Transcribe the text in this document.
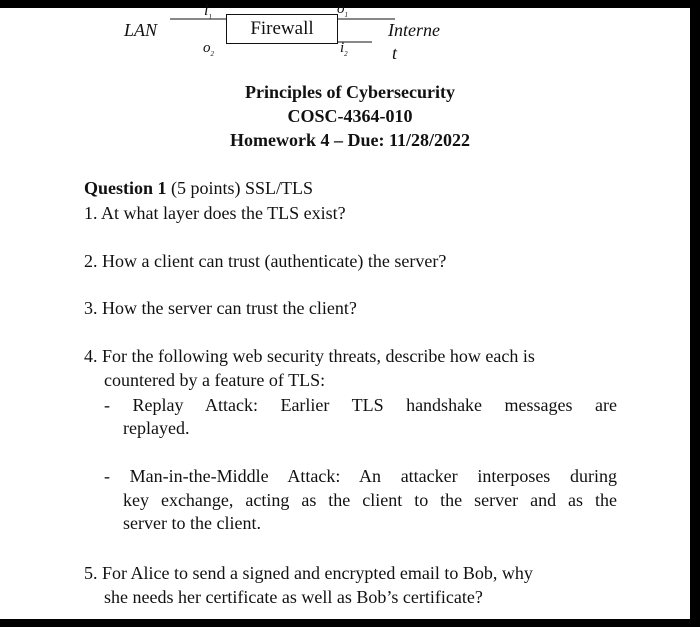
LAN
$i_1$
$o_2$
Firewall
$o_1$
$i_2$
Interne
t
Principles of Cybersecurity
COSC-4364-010
Homework 4 – Due: 11/28/2022
Question 1 (5 points) SSL/TLS
1. At what layer does the TLS exist?
2. How a client can trust (authenticate) the server?
3. How the server can trust the client?
4. For the following web security threats, describe how each is
countered by a feature of TLS:
- Replay Attack: Earlier TLS handshake messages are
replayed.
- Man-in-the-Middle Attack: An attacker interposes during
key exchange, acting as the client to the server and as the
server to the client.
5. For Alice to send a signed and encrypted email to Bob, why
she needs her certificate as well as Bob’s certificate?
